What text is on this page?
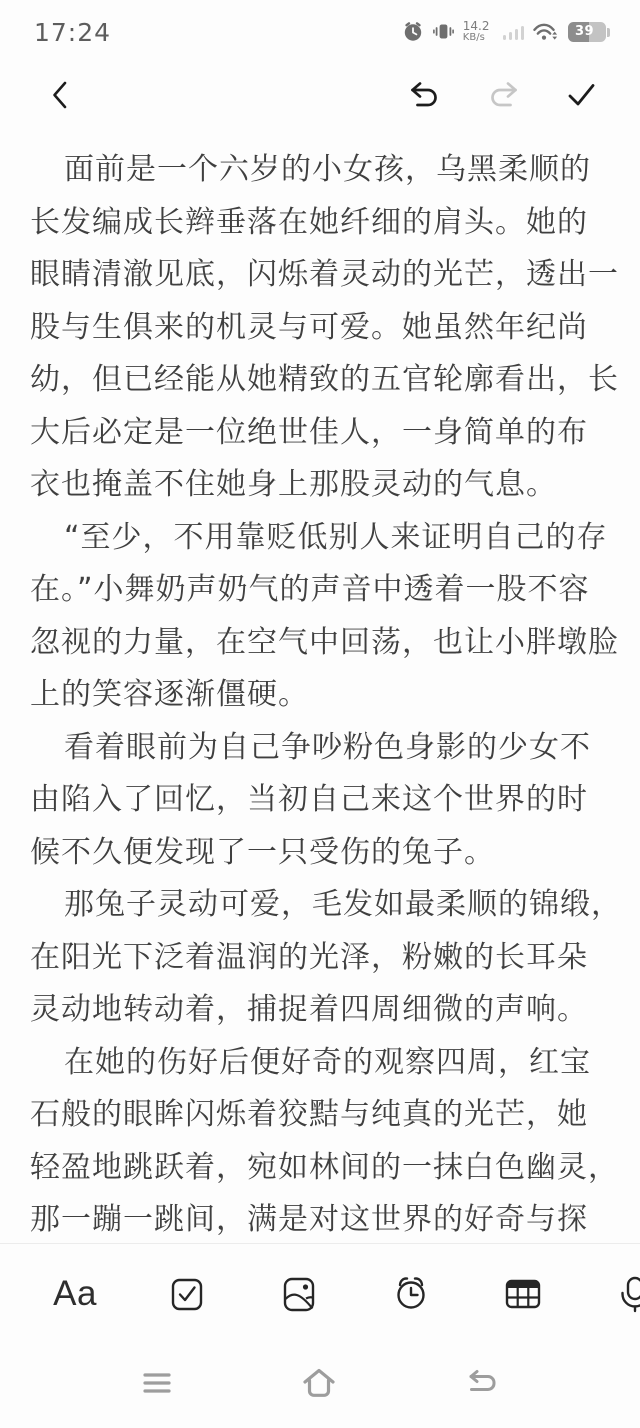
17:24	14.2
KB/s	39
面前是一个六岁的小女孩，乌黑柔顺的
长发编成长辫垂落在她纤细的肩头。她的
眼睛清澈见底，闪烁着灵动的光芒，透出一
股与生俱来的机灵与可爱。她虽然年纪尚
幼，但已经能从她精致的五官轮廓看出，长
大后必定是一位绝世佳人，一身简单的布
衣也掩盖不住她身上那股灵动的气息。
“至少，不用靠贬低别人来证明自己的存
在。”小舞奶声奶气的声音中透着一股不容
忽视的力量，在空气中回荡，也让小胖墩脸
上的笑容逐渐僵硬。
看着眼前为自己争吵粉色身影的少女不
由陷入了回忆，当初自己来这个世界的时
候不久便发现了一只受伤的兔子。
那兔子灵动可爱，毛发如最柔顺的锦缎，
在阳光下泛着温润的光泽，粉嫩的长耳朵
灵动地转动着，捕捉着四周细微的声响。
在她的伤好后便好奇的观察四周，红宝
石般的眼眸闪烁着狡黠与纯真的光芒，她
轻盈地跳跃着，宛如林间的一抹白色幽灵，
那一蹦一跳间，满是对这世界的好奇与探
Aa
